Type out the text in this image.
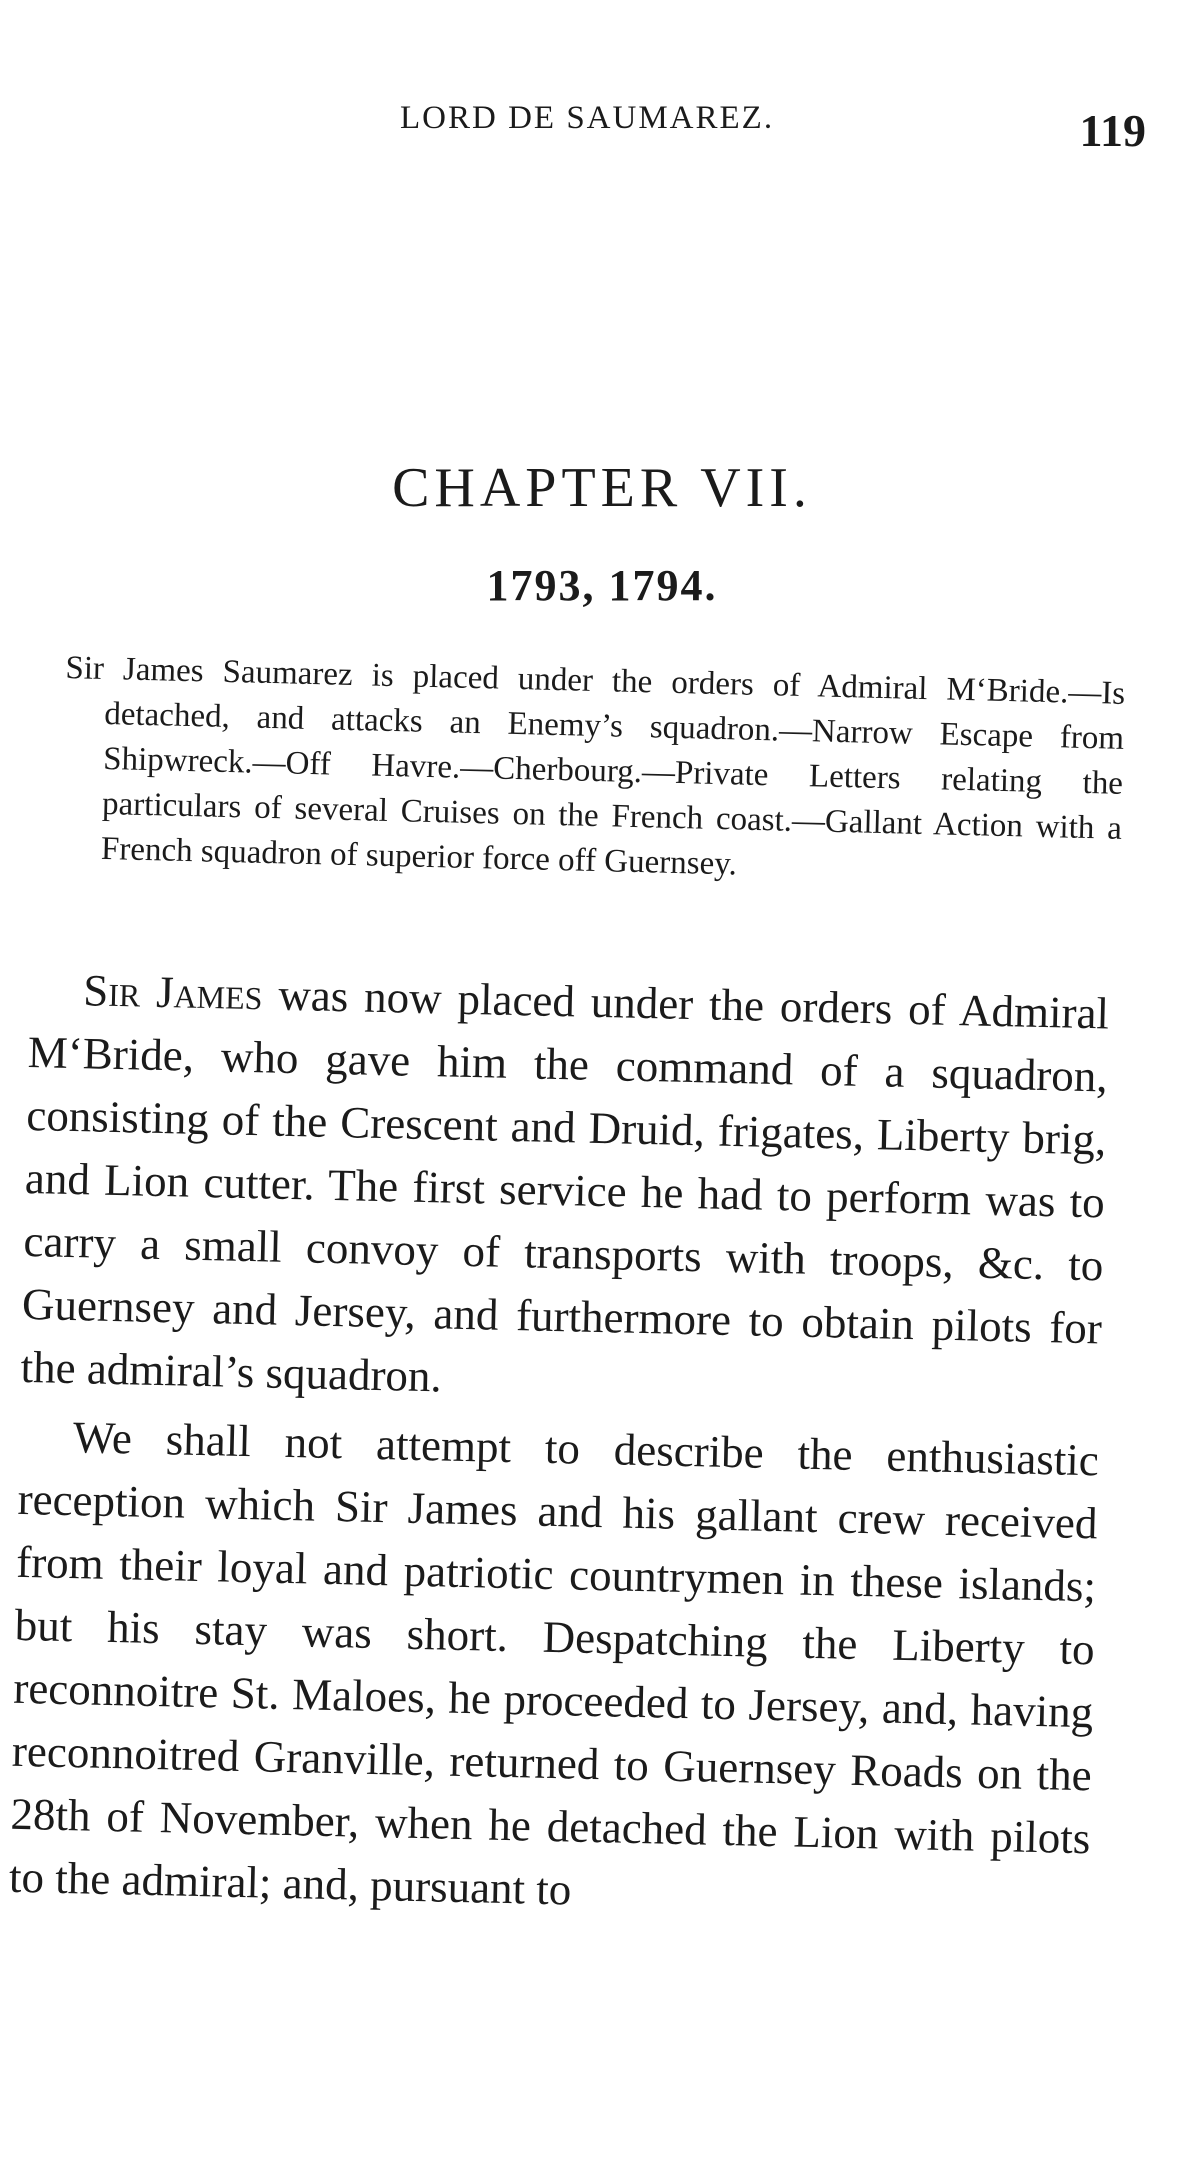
LORD DE SAUMAREZ.	119
CHAPTER VII.
1793, 1794.
Sir James Saumarez is placed under the orders of Admiral M‘Bride.—Is detached, and attacks an Enemy’s squadron.—Narrow Escape from Shipwreck.—Off Havre.—Cherbourg.—Private Letters relating the particulars of several Cruises on the French coast.—Gallant Action with a French squadron of superior force off Guernsey.

Sir James was now placed under the orders of Admiral M‘Bride, who gave him the command of a squadron, consisting of the Crescent and Druid, frigates, Liberty brig, and Lion cutter. The first service he had to perform was to carry a small convoy of transports with troops, &c. to Guernsey and Jersey, and furthermore to obtain pilots for the admiral’s squadron.

We shall not attempt to describe the enthusiastic reception which Sir James and his gallant crew received from their loyal and patriotic countrymen in these islands; but his stay was short. Despatching the Liberty to reconnoitre St. Maloes, he proceeded to Jersey, and, having reconnoitred Granville, returned to Guernsey Roads on the 28th of November, when he detached the Lion with pilots to the admiral; and, pursuant to
